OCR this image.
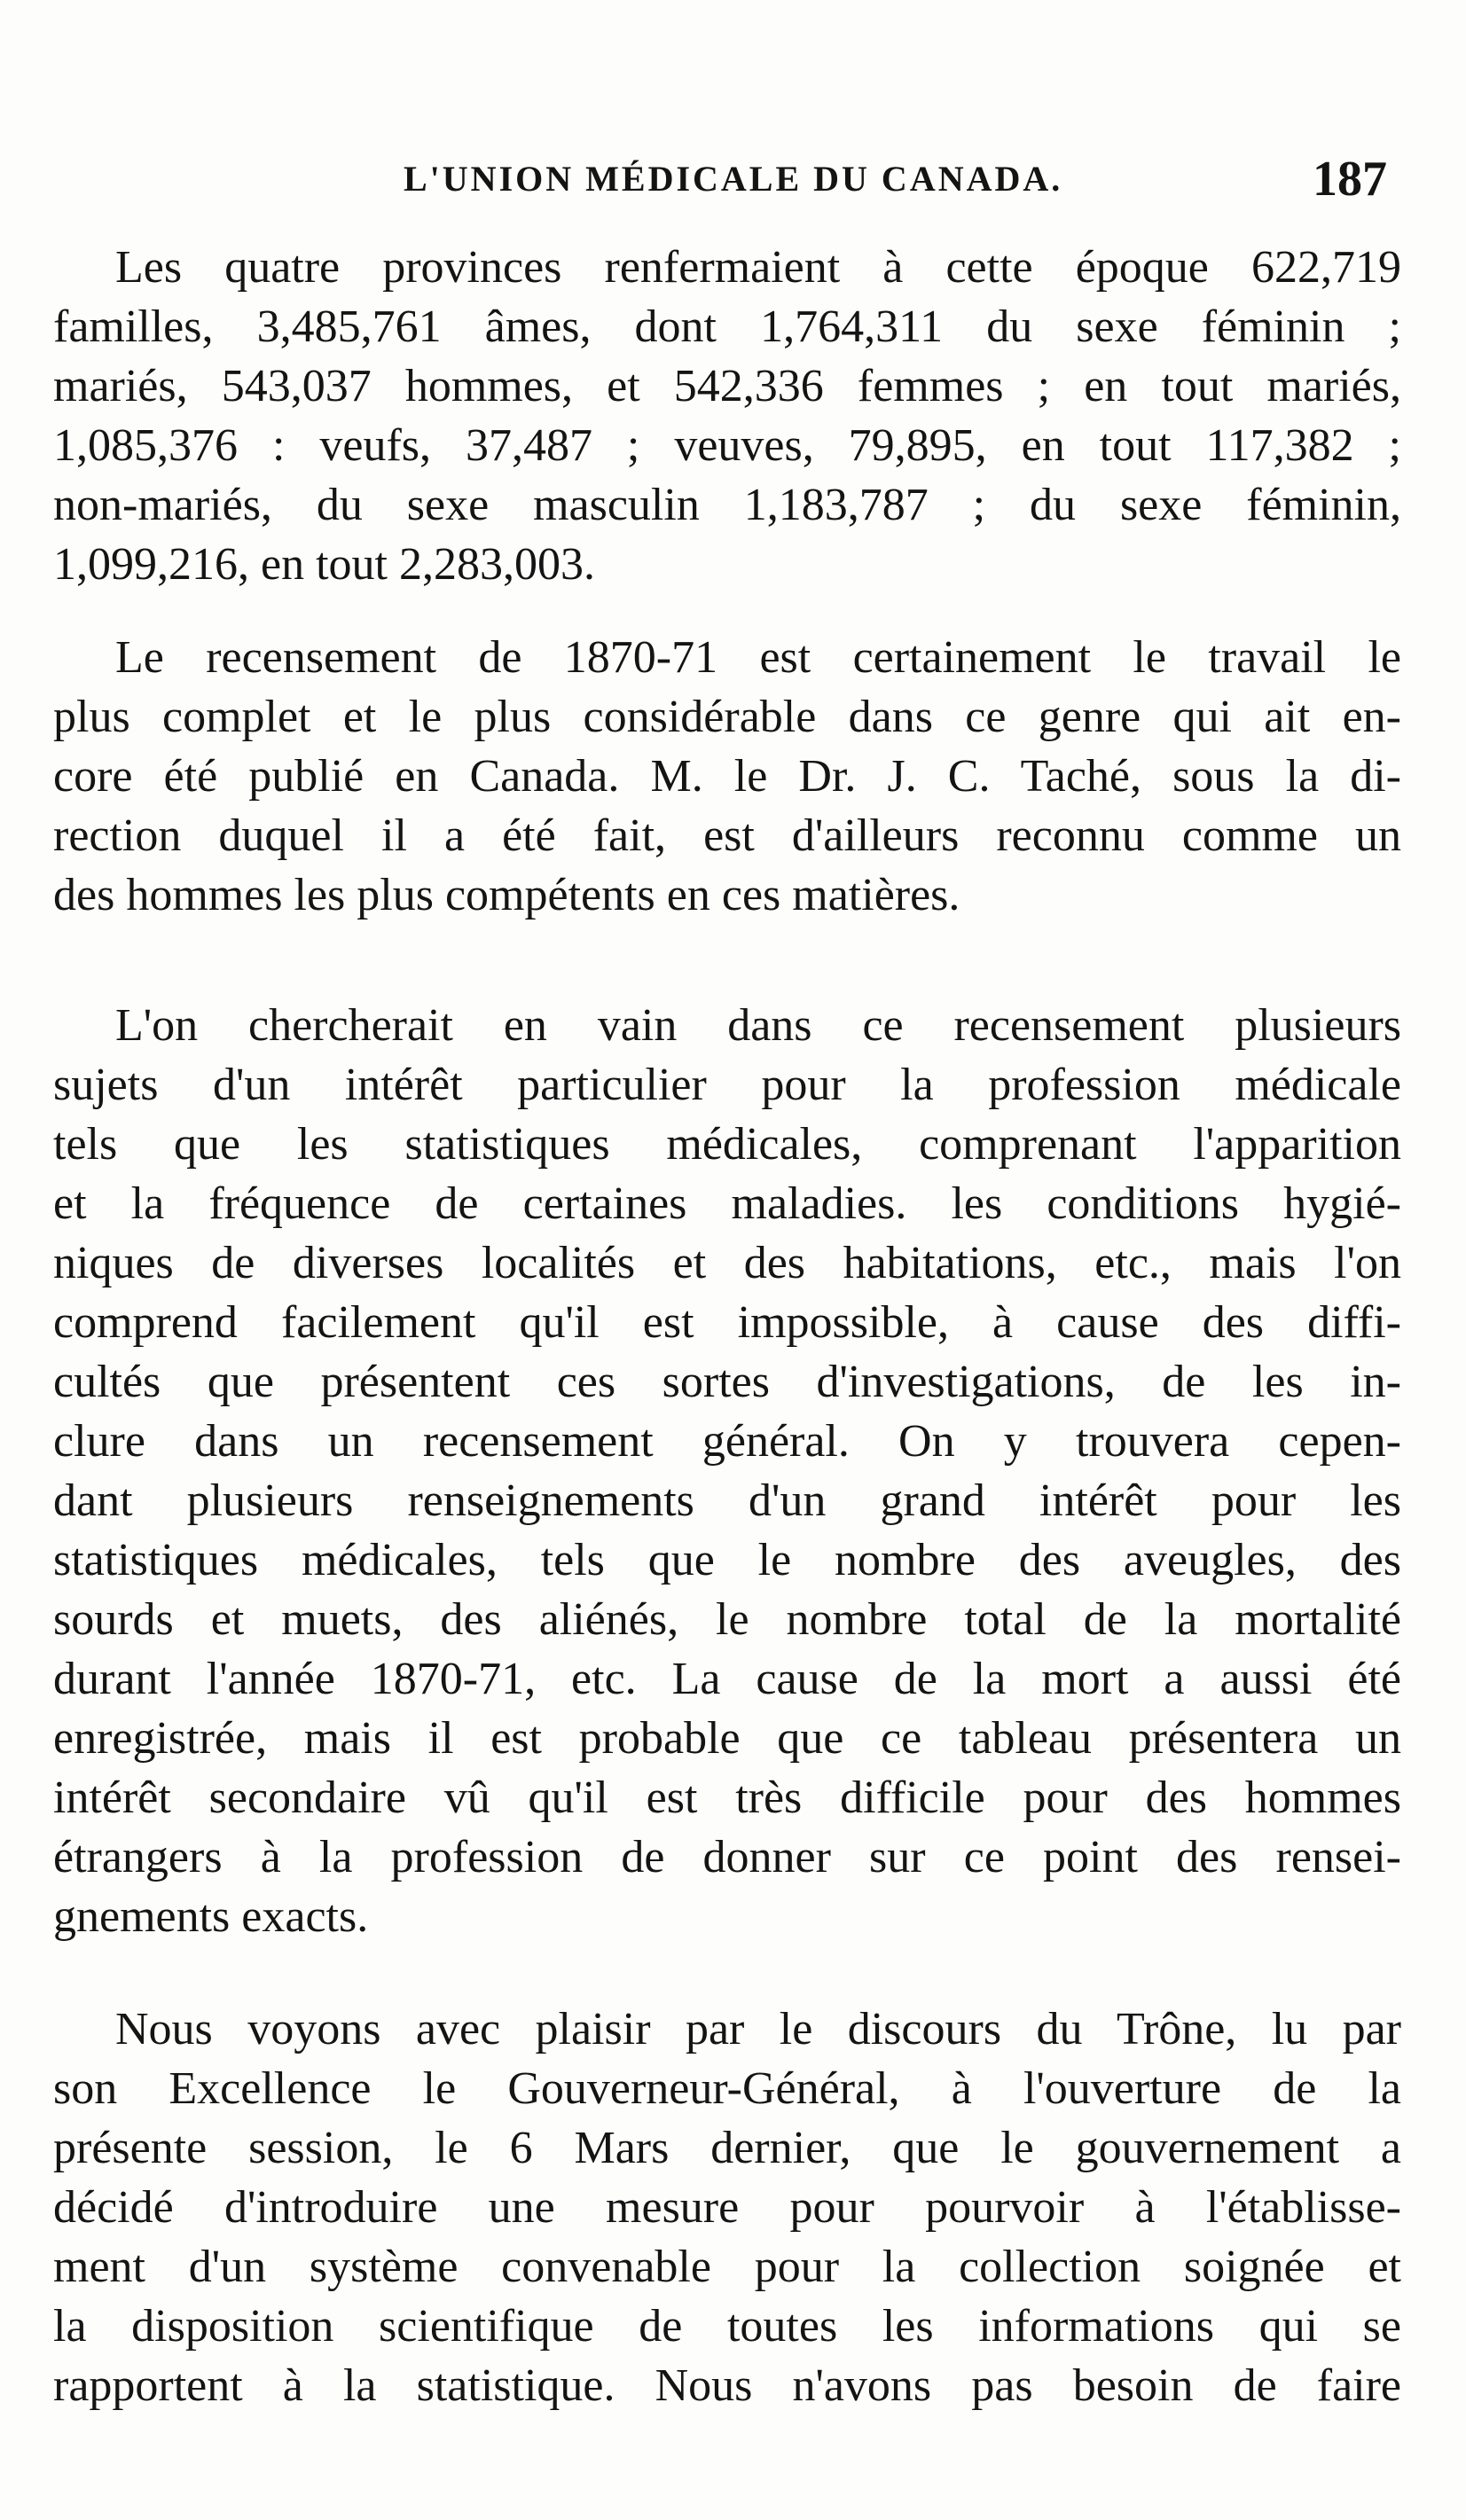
L'UNION MÉDICALE DU CANADA.	187

Les quatre provinces renfermaient à cette époque 622,719
familles, 3,485,761 âmes, dont 1,764,311 du sexe féminin ;
mariés, 543,037 hommes, et 542,336 femmes ; en tout mariés,
1,085,376 : veufs, 37,487 ; veuves, 79,895, en tout 117,382 ;
non-mariés, du sexe masculin 1,183,787 ; du sexe féminin,
1,099,216, en tout 2,283,003.

Le recensement de 1870-71 est certainement le travail le
plus complet et le plus considérable dans ce genre qui ait en-
core été publié en Canada. M. le Dr. J. C. Taché, sous la di-
rection duquel il a été fait, est d'ailleurs reconnu comme un
des hommes les plus compétents en ces matières.

L'on chercherait en vain dans ce recensement plusieurs
sujets d'un intérêt particulier pour la profession médicale
tels que les statistiques médicales, comprenant l'apparition
et la fréquence de certaines maladies. les conditions hygié-
niques de diverses localités et des habitations, etc., mais l'on
comprend facilement qu'il est impossible, à cause des diffi-
cultés que présentent ces sortes d'investigations, de les in-
clure dans un recensement général. On y trouvera cepen-
dant plusieurs renseignements d'un grand intérêt pour les
statistiques médicales, tels que le nombre des aveugles, des
sourds et muets, des aliénés, le nombre total de la mortalité
durant l'année 1870-71, etc. La cause de la mort a aussi été
enregistrée, mais il est probable que ce tableau présentera un
intérêt secondaire vû qu'il est très difficile pour des hommes
étrangers à la profession de donner sur ce point des rensei-
gnements exacts.

Nous voyons avec plaisir par le discours du Trône, lu par
son Excellence le Gouverneur-Général, à l'ouverture de la
présente session, le 6 Mars dernier, que le gouvernement a
décidé d'introduire une mesure pour pourvoir à l'établisse-
ment d'un système convenable pour la collection soignée et
la disposition scientifique de toutes les informations qui se
rapportent à la statistique. Nous n'avons pas besoin de faire
